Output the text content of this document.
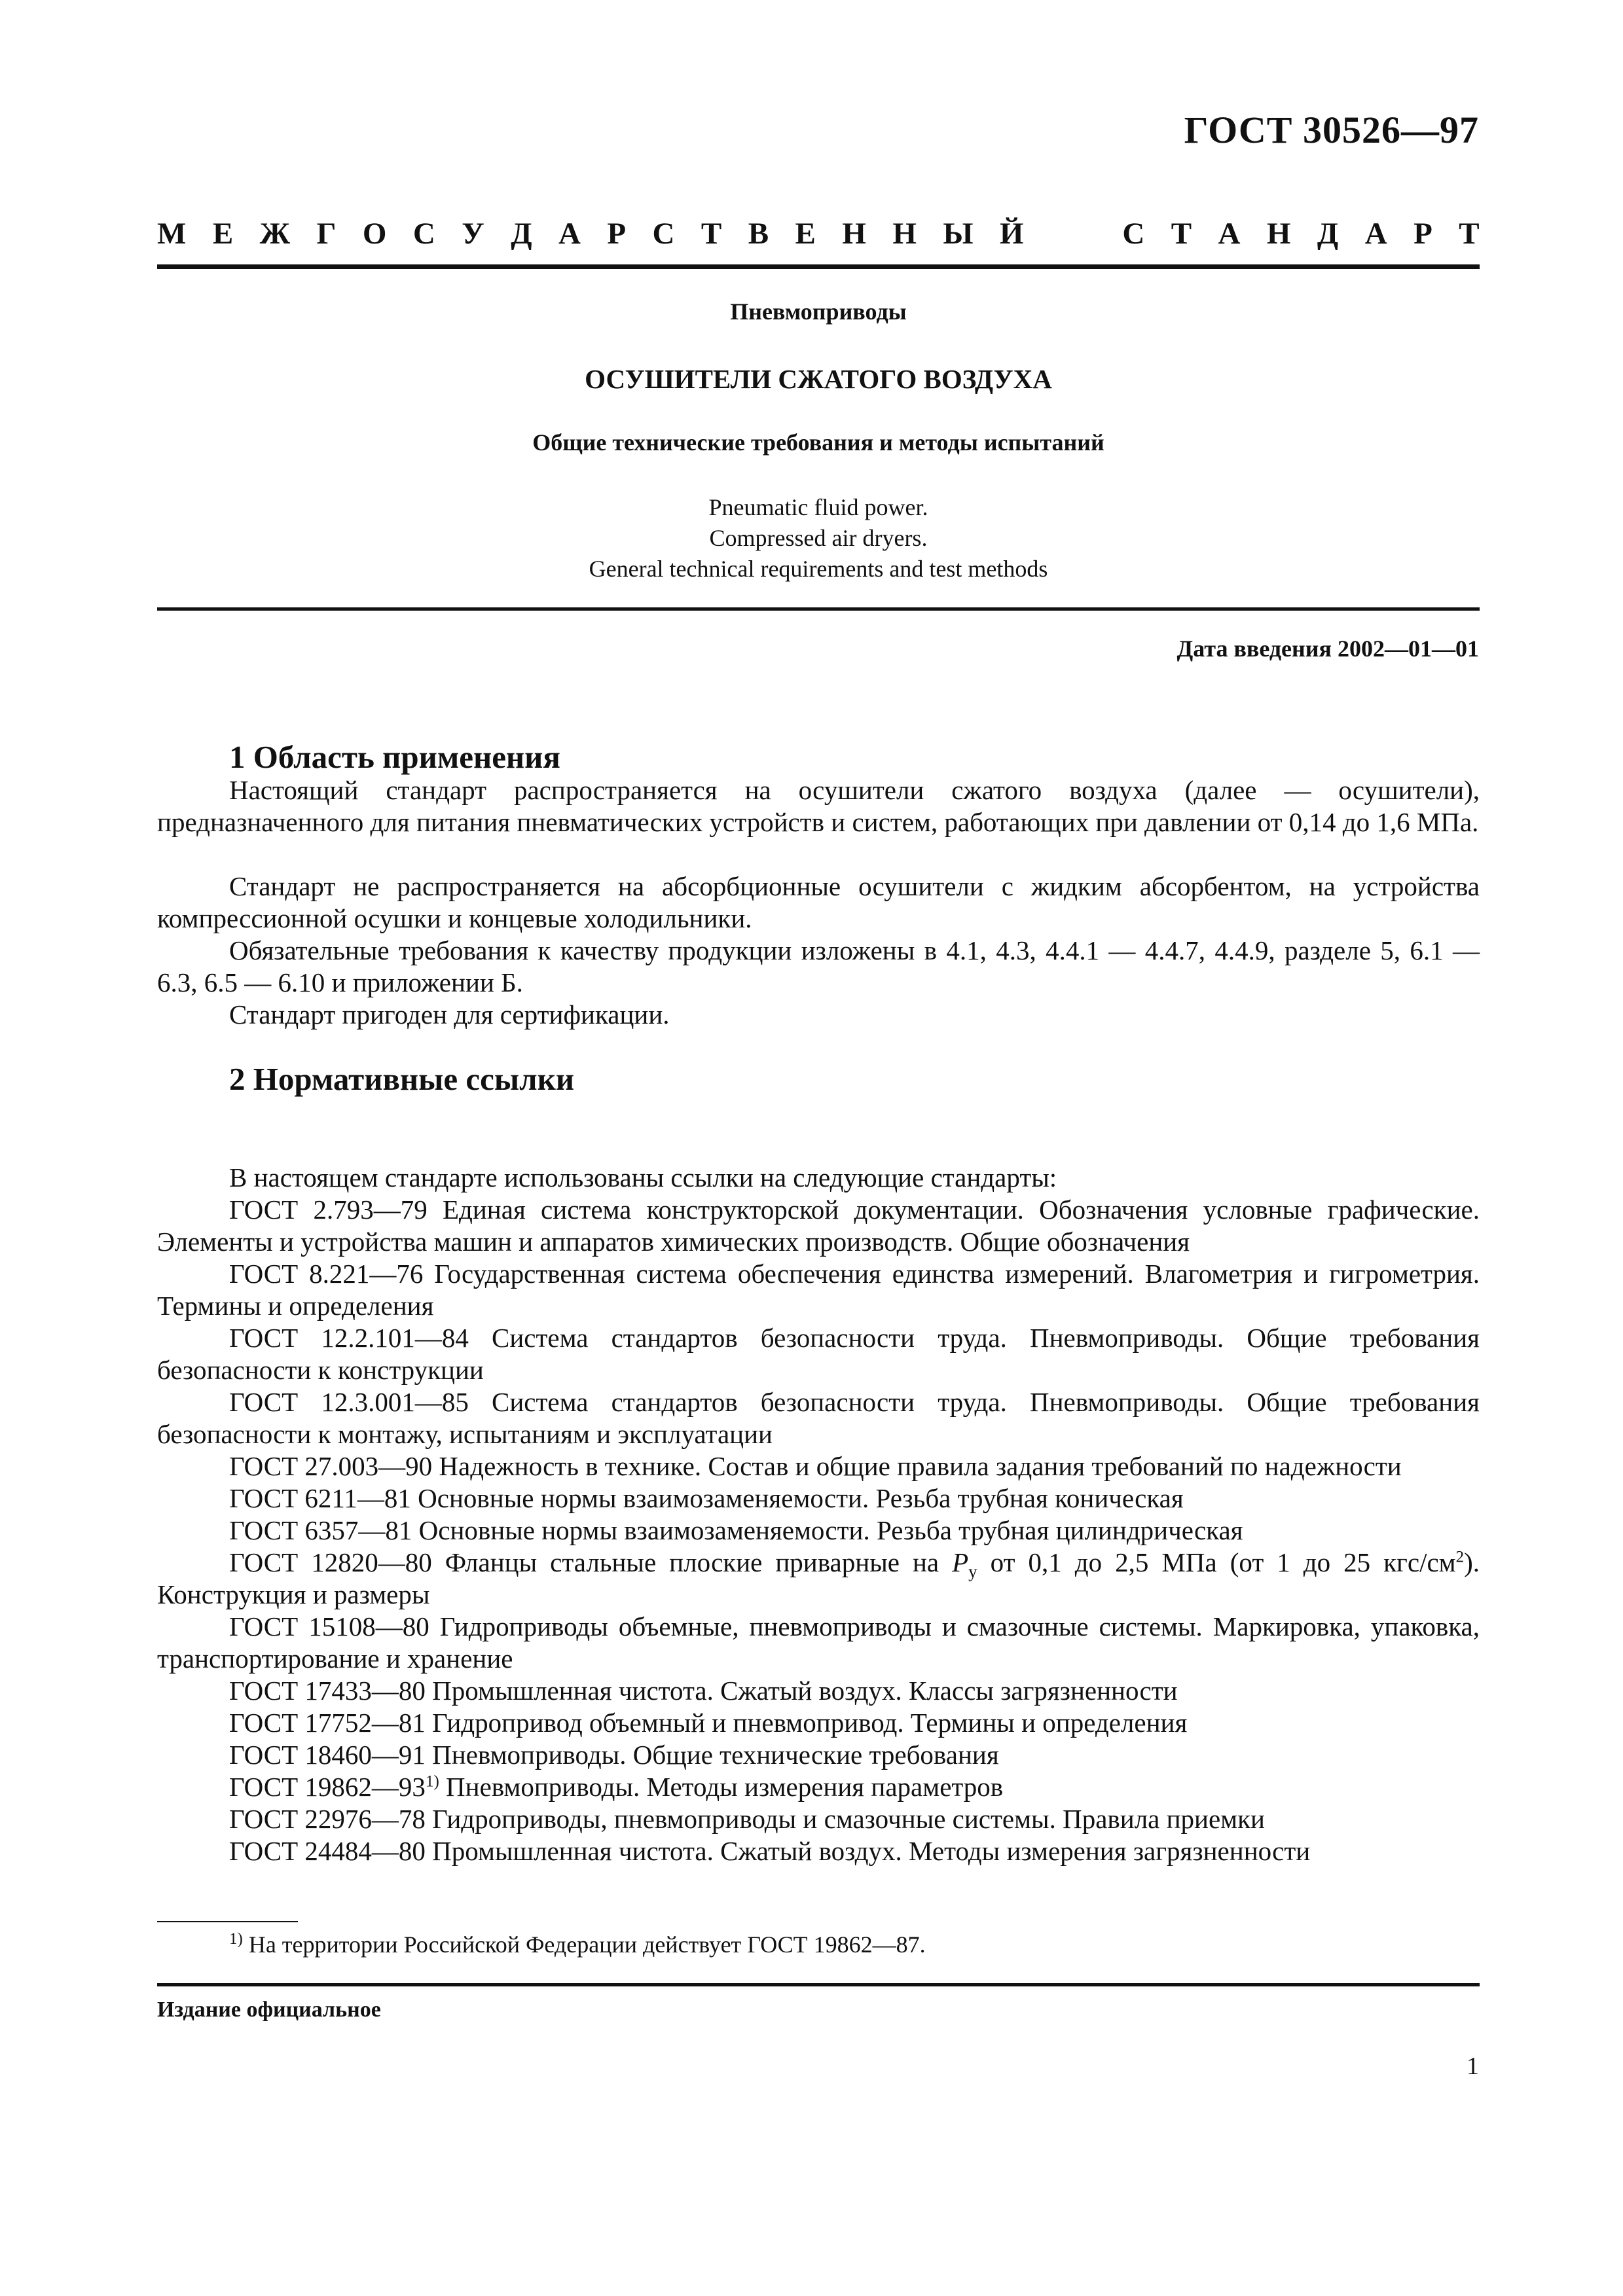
ГОСТ 30526—97
М Е Ж Г О С У Д А Р С Т В Е Н Н Ы Й	С Т А Н Д А Р Т
Пневмоприводы
ОСУШИТЕЛИ СЖАТОГО ВОЗДУХА
Общие технические требования и методы испытаний
Pneumatic fluid power.
Compressed air dryers.
General technical requirements and test methods
Дата введения 2002—01—01
1 Область применения

Настоящий стандарт распространяется на осушители сжатого воздуха (далее — осушители), предназначенного для питания пневматических устройств и систем, работающих при давлении от 0,14 до 1,6 МПа.

Стандарт не распространяется на абсорбционные осушители с жидким абсорбентом, на устройства компрессионной осушки и концевые холодильники.

Обязательные требования к качеству продукции изложены в 4.1, 4.3, 4.4.1 — 4.4.7, 4.4.9, разделе 5, 6.1 — 6.3, 6.5 — 6.10 и приложении Б.

Стандарт пригоден для сертификации.

2 Нормативные ссылки

В настоящем стандарте использованы ссылки на следующие стандарты:

ГОСТ 2.793—79 Единая система конструкторской документации. Обозначения условные графические. Элементы и устройства машин и аппаратов химических производств. Общие обозначения

ГОСТ 8.221—76 Государственная система обеспечения единства измерений. Влагометрия и гигрометрия. Термины и определения

ГОСТ 12.2.101—84 Система стандартов безопасности труда. Пневмоприводы. Общие требования безопасности к конструкции

ГОСТ 12.3.001—85 Система стандартов безопасности труда. Пневмоприводы. Общие требования безопасности к монтажу, испытаниям и эксплуатации

ГОСТ 27.003—90 Надежность в технике. Состав и общие правила задания требований по надежности

ГОСТ 6211—81 Основные нормы взаимозаменяемости. Резьба трубная коническая

ГОСТ 6357—81 Основные нормы взаимозаменяемости. Резьба трубная цилиндрическая

ГОСТ 12820—80 Фланцы стальные плоские приварные на $P_y$ от 0,1 до 2,5 МПа (от 1 до 25 кгс/$см^2$). Конструкция и размеры

ГОСТ 15108—80 Гидроприводы объемные, пневмоприводы и смазочные системы. Маркировка, упаковка, транспортирование и хранение

ГОСТ 17433—80 Промышленная чистота. Сжатый воздух. Классы загрязненности

ГОСТ 17752—81 Гидропривод объемный и пневмопривод. Термины и определения

ГОСТ 18460—91 Пневмоприводы. Общие технические требования

ГОСТ 19862—93$^{1)}$ Пневмоприводы. Методы измерения параметров

ГОСТ 22976—78 Гидроприводы, пневмоприводы и смазочные системы. Правила приемки

ГОСТ 24484—80 Промышленная чистота. Сжатый воздух. Методы измерения загрязненности

$^{1)}$ На территории Российской Федерации действует ГОСТ 19862—87.
Издание официальное
1
